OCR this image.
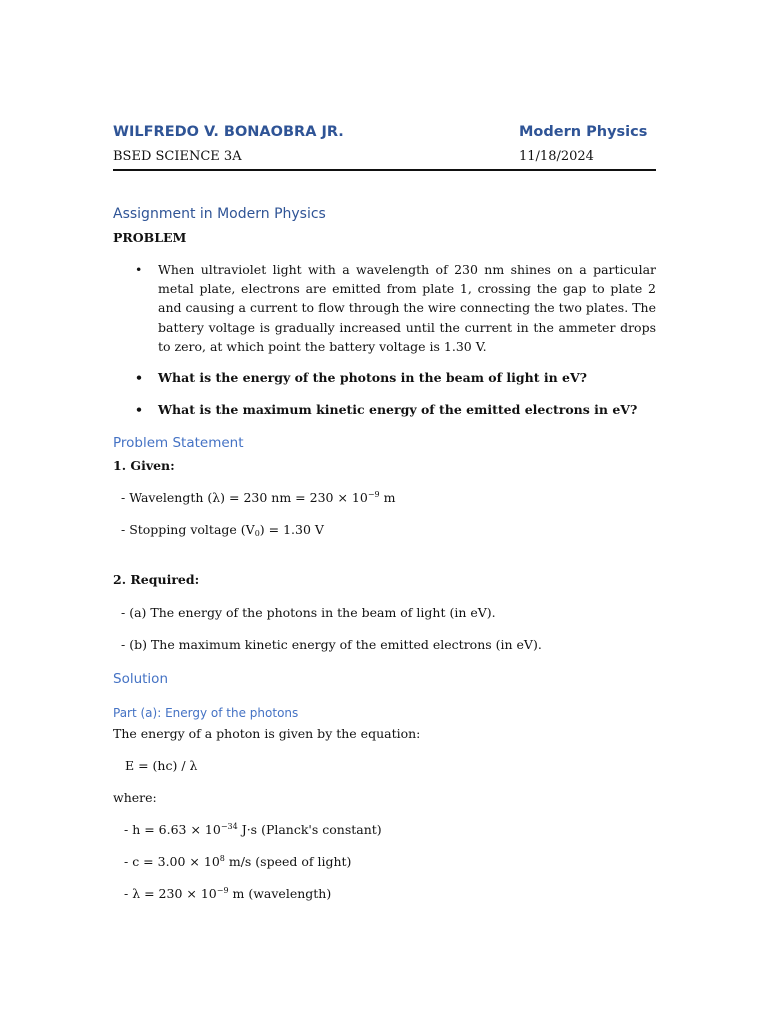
WILFREDO V. BONAOBRA JR.	Modern Physics
BSED SCIENCE 3A	11/18/2024
Assignment in Modern Physics
PROBLEM
• When ultraviolet light with a wavelength of 230 nm shines on a particular metal plate, electrons are emitted from plate 1, crossing the gap to plate 2 and causing a current to flow through the wire connecting the two plates. The battery voltage is gradually increased until the current in the ammeter drops to zero, at which point the battery voltage is 1.30 V.
• What is the energy of the photons in the beam of light in eV?
• What is the maximum kinetic energy of the emitted electrons in eV?
Problem Statement
1. Given:
- Wavelength (λ) = 230 nm = $230 \times 10^{-9}$ m
- Stopping voltage $(V_0) = 1.30$ V
2. Required:
- (a) The energy of the photons in the beam of light (in eV).
- (b) The maximum kinetic energy of the emitted electrons (in eV).
Solution
Part (a): Energy of the photons
The energy of a photon is given by the equation:
E = (hc) / λ
where:
- $h = 6.63 \times 10^{-34}$ J·s (Planck's constant)
- $c = 3.00 \times 10^8$ m/s (speed of light)
- $\lambda = 230 \times 10^{-9}$ m (wavelength)
